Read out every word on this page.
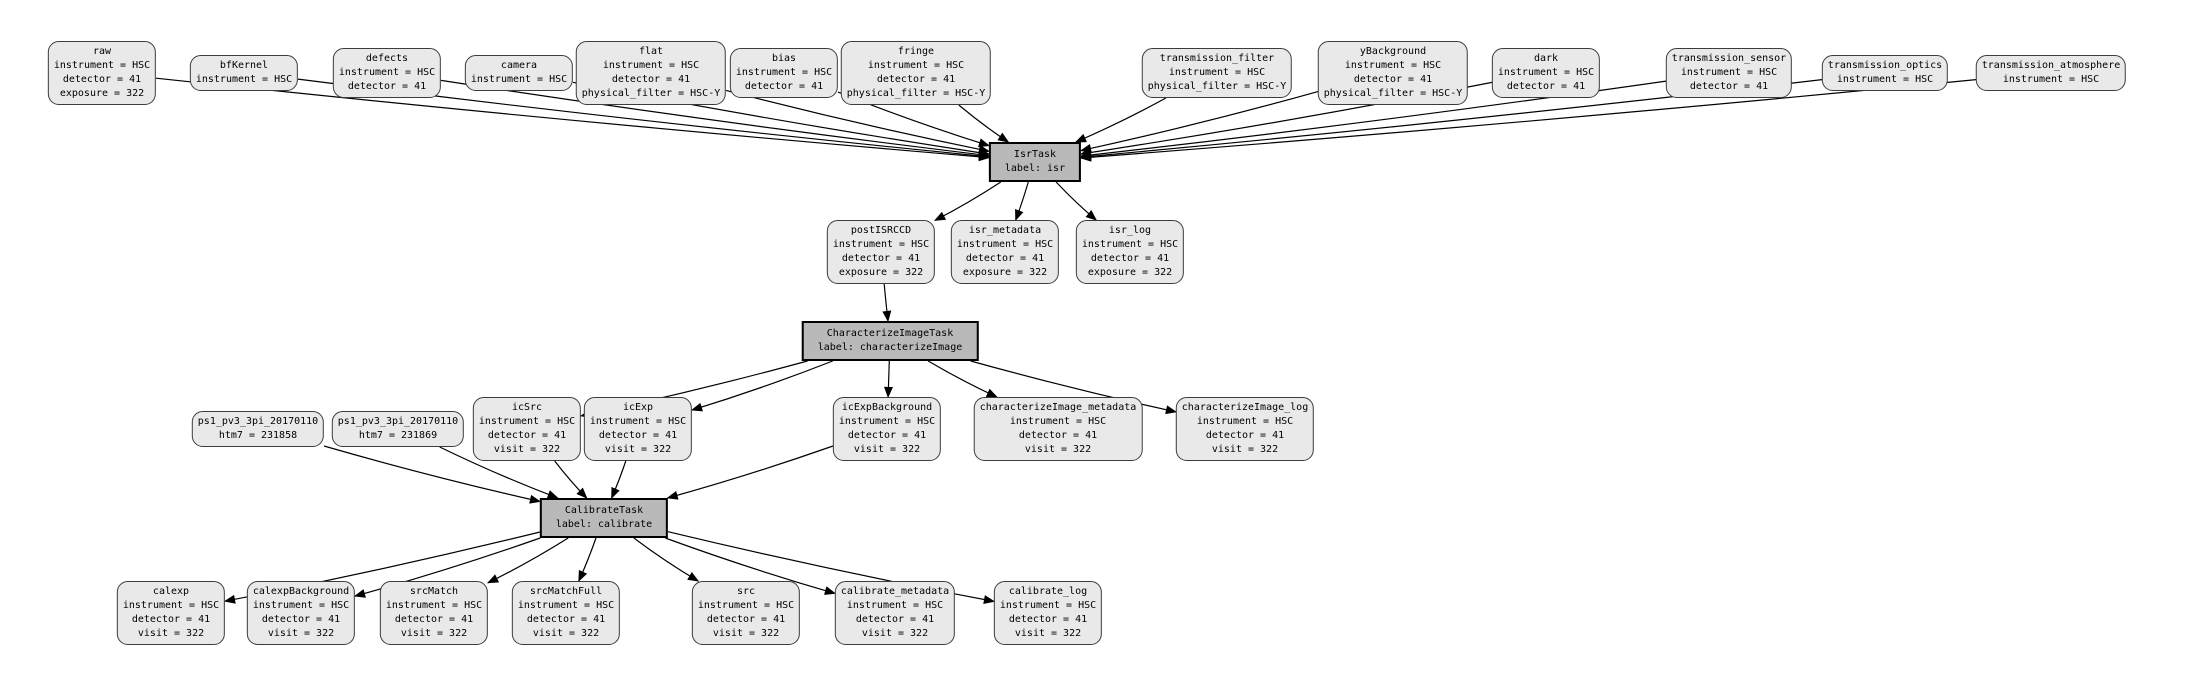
raw
instrument = HSC
detector = 41
exposure = 322
bfKernel
instrument = HSC
defects
instrument = HSC
detector = 41
camera
instrument = HSC
flat
instrument = HSC
detector = 41
physical_filter = HSC-Y
bias
instrument = HSC
detector = 41
fringe
instrument = HSC
detector = 41
physical_filter = HSC-Y
transmission_filter
instrument = HSC
physical_filter = HSC-Y
yBackground
instrument = HSC
detector = 41
physical_filter = HSC-Y
dark
instrument = HSC
detector = 41
transmission_sensor
instrument = HSC
detector = 41
transmission_optics
instrument = HSC
transmission_atmosphere
instrument = HSC
IsrTask
label: isr
postISRCCD
instrument = HSC
detector = 41
exposure = 322
isr_metadata
instrument = HSC
detector = 41
exposure = 322
isr_log
instrument = HSC
detector = 41
exposure = 322
CharacterizeImageTask
label: characterizeImage
ps1_pv3_3pi_20170110
htm7 = 231858
ps1_pv3_3pi_20170110
htm7 = 231869
icSrc
instrument = HSC
detector = 41
visit = 322
icExp
instrument = HSC
detector = 41
visit = 322
icExpBackground
instrument = HSC
detector = 41
visit = 322
characterizeImage_metadata
instrument = HSC
detector = 41
visit = 322
characterizeImage_log
instrument = HSC
detector = 41
visit = 322
CalibrateTask
label: calibrate
calexp
instrument = HSC
detector = 41
visit = 322
calexpBackground
instrument = HSC
detector = 41
visit = 322
srcMatch
instrument = HSC
detector = 41
visit = 322
srcMatchFull
instrument = HSC
detector = 41
visit = 322
src
instrument = HSC
detector = 41
visit = 322
calibrate_metadata
instrument = HSC
detector = 41
visit = 322
calibrate_log
instrument = HSC
detector = 41
visit = 322
